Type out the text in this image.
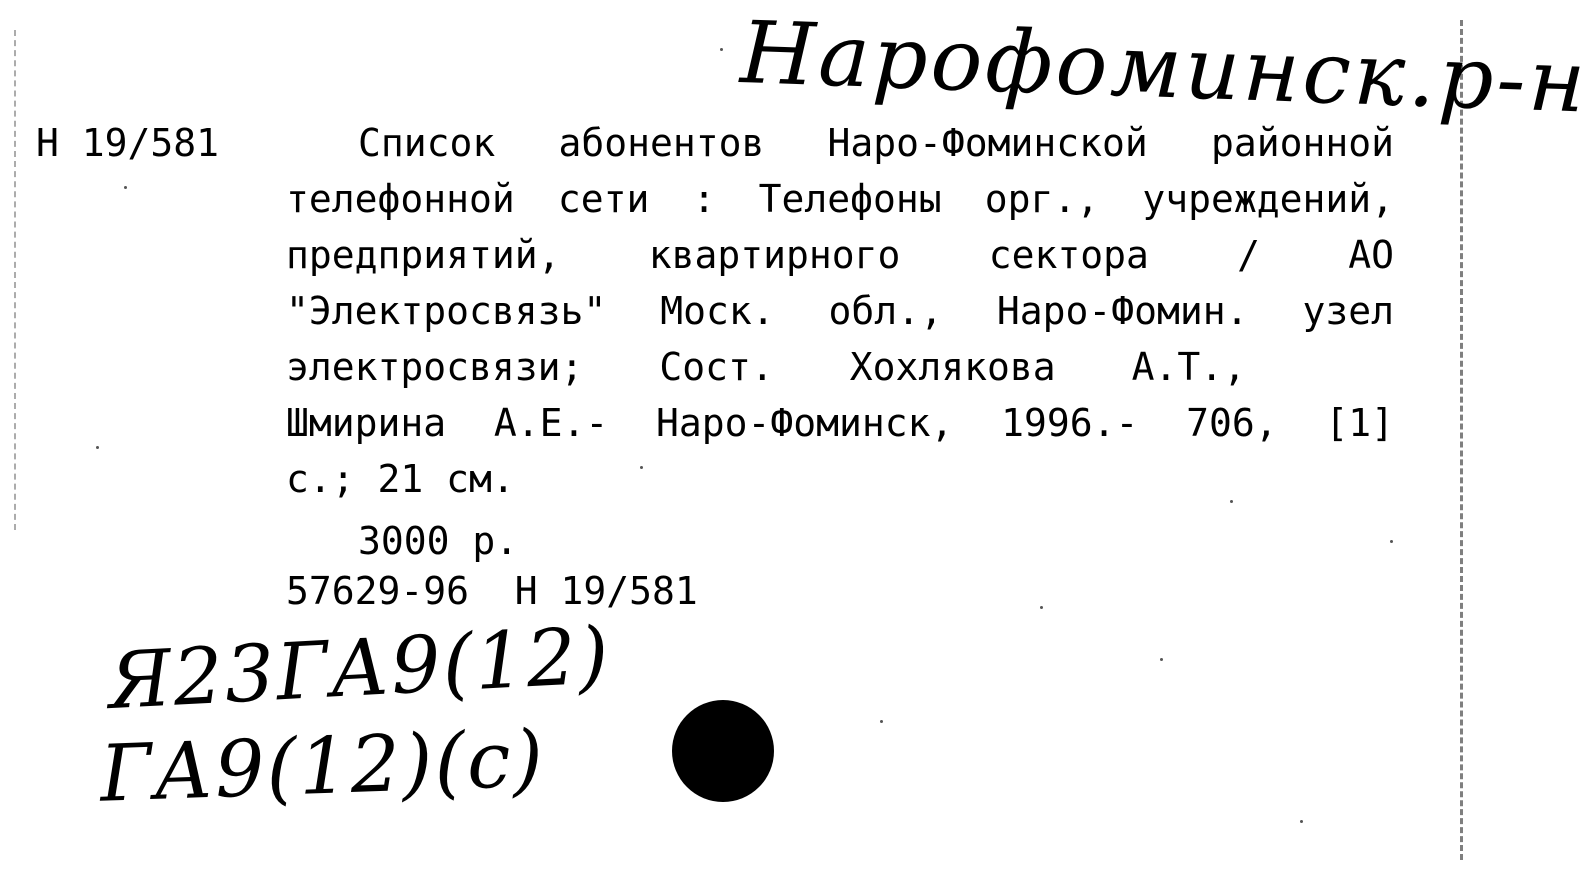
Нарофоминск.р-н
Н 19/581	Список абонентов Наро-Фоминской районной
телефонной сети : Телефоны орг., учреждений,
предприятий, квартирного сектора / АО
"Электросвязь" Моск. обл., Наро-Фомин. узел
электросвязи; Сост. Хохлякова А.Т.,
Шмирина А.Е.- Наро-Фоминск, 1996.- 706, [1]
с.; 21 см.
3000 р.
57629-96  Н 19/581
Я23ГА9(12)
ГА9(12)(с)
